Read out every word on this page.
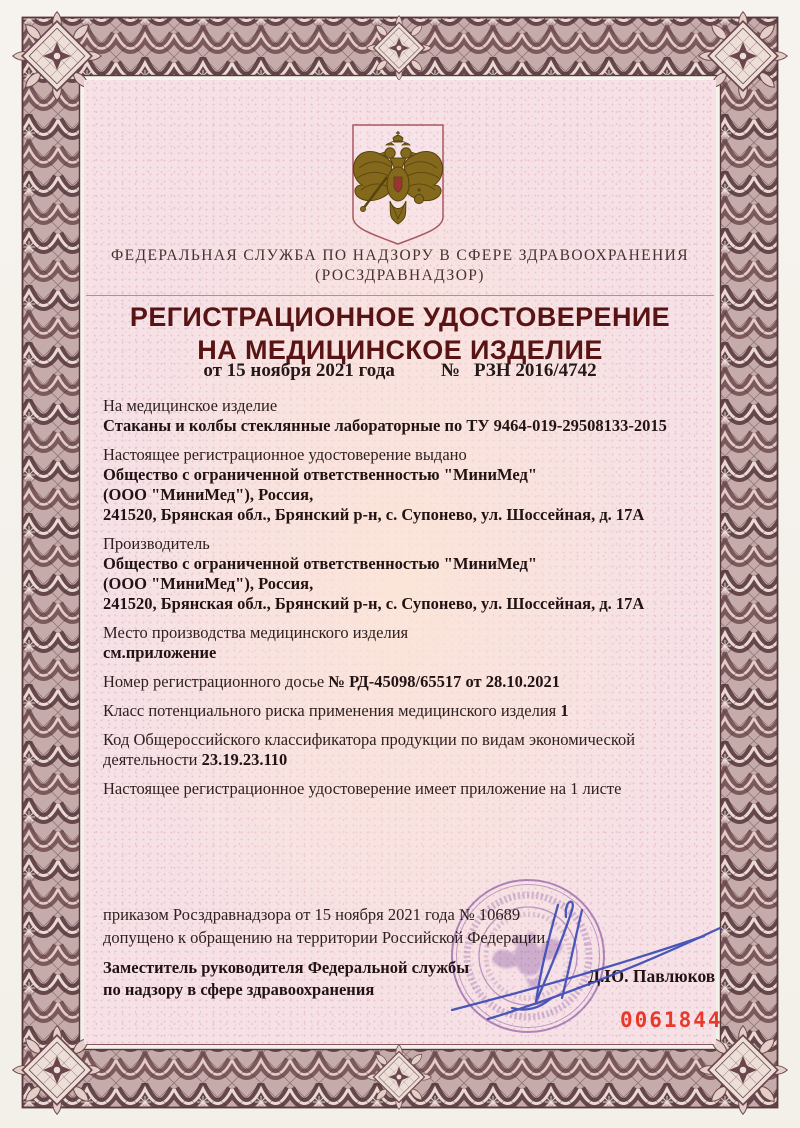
ФЕДЕРАЛЬНАЯ СЛУЖБА ПО НАДЗОРУ В СФЕРЕ ЗДРАВООХРАНЕНИЯ
(РОСЗДРАВНАДЗОР)
РЕГИСТРАЦИОННОЕ УДОСТОВЕРЕНИЕ
НА МЕДИЦИНСКОЕ ИЗДЕЛИЕ
от 15 ноября 2021 года № РЗН 2016/4742

На медицинское изделие
Стаканы и колбы стеклянные лабораторные по ТУ 9464-019-29508133-2015

Настоящее регистрационное удостоверение выдано
Общество с ограниченной ответственностью "МиниМед"
(ООО "МиниМед"), Россия,
241520, Брянская обл., Брянский р-н, с. Супонево, ул. Шоссейная, д. 17А

Производитель
Общество с ограниченной ответственностью "МиниМед"
(ООО "МиниМед"), Россия,
241520, Брянская обл., Брянский р-н, с. Супонево, ул. Шоссейная, д. 17А

Место производства медицинского изделия
см.приложение

Номер регистрационного досье № РД-45098/65517 от 28.10.2021

Класс потенциального риска применения медицинского изделия 1

Код Общероссийского классификатора продукции по видам экономической деятельности 23.19.23.110

Настоящее регистрационное удостоверение имеет приложение на 1 листе

приказом Росздравнадзора от 15 ноября 2021 года № 10689
допущено к обращению на территории Российской Федерации.
Заместитель руководителя Федеральной службы
по надзору в сфере здравоохранения
Д.Ю. Павлюков
0061844
